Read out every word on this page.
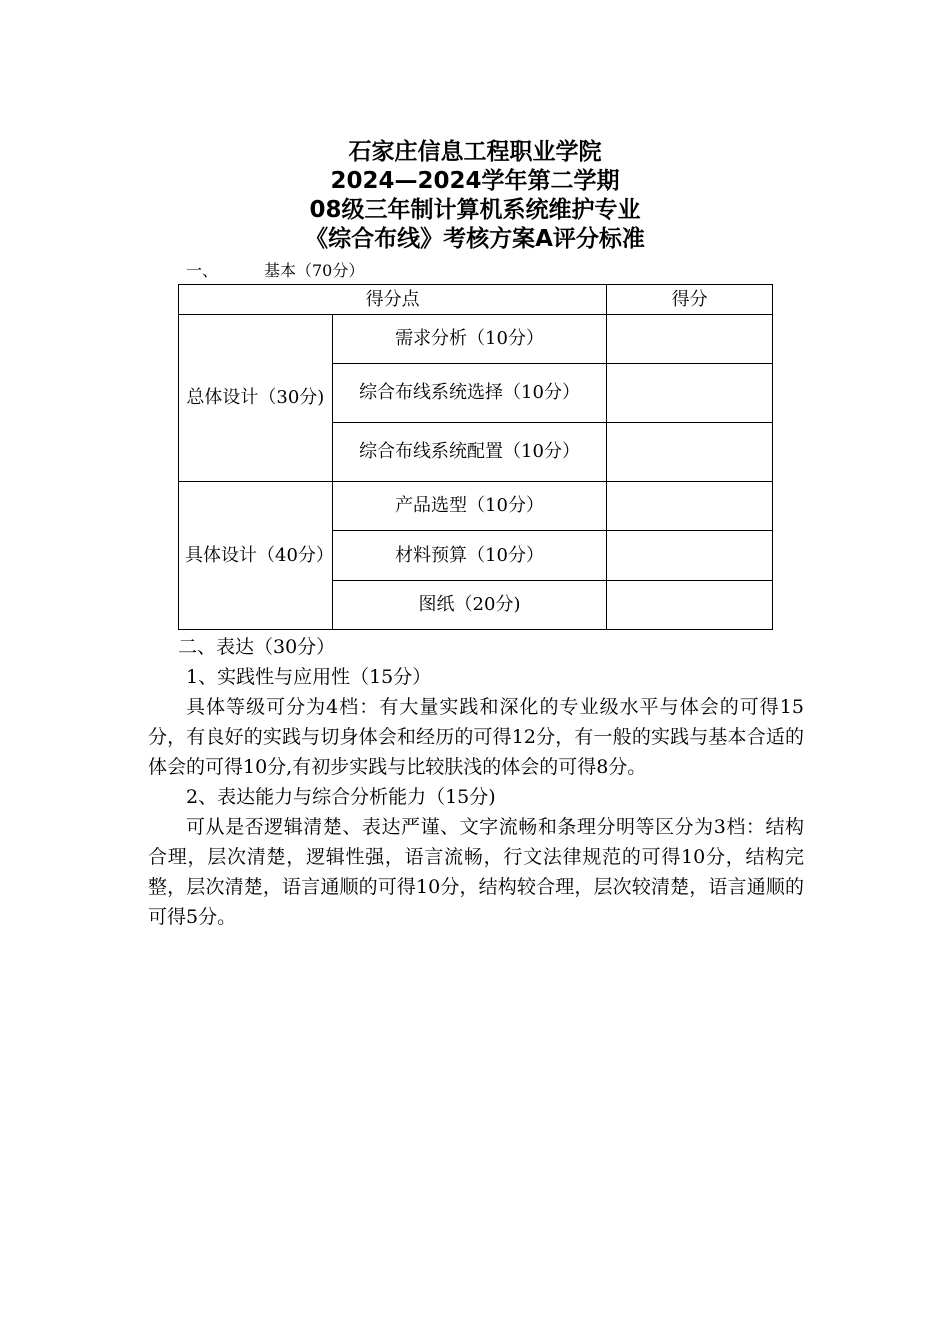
石家庄信息工程职业学院
2024—2024学年第二学期
08级三年制计算机系统维护专业
《综合布线》考核方案A评分标准
一、	基本（70分）
得分点		得分
总体设计（30分)	需求分析（10分）	
	综合布线系统选择（10分）	
	综合布线系统配置（10分）	
具体设计（40分）	产品选型（10分）	
	材料预算（10分）	
	图纸（20分)	

二、表达（30分）

1、实践性与应用性（15分）

具体等级可分为4档：有大量实践和深化的专业级水平与体会的可得15分，有良好的实践与切身体会和经历的可得12分，有一般的实践与基本合适的体会的可得10分,有初步实践与比较肤浅的体会的可得8分。

2、表达能力与综合分析能力（15分)

可从是否逻辑清楚、表达严谨、文字流畅和条理分明等区分为3档：结构合理，层次清楚，逻辑性强，语言流畅，行文法律规范的可得10分，结构完整，层次清楚，语言通顺的可得10分，结构较合理，层次较清楚，语言通顺的可得5分。
